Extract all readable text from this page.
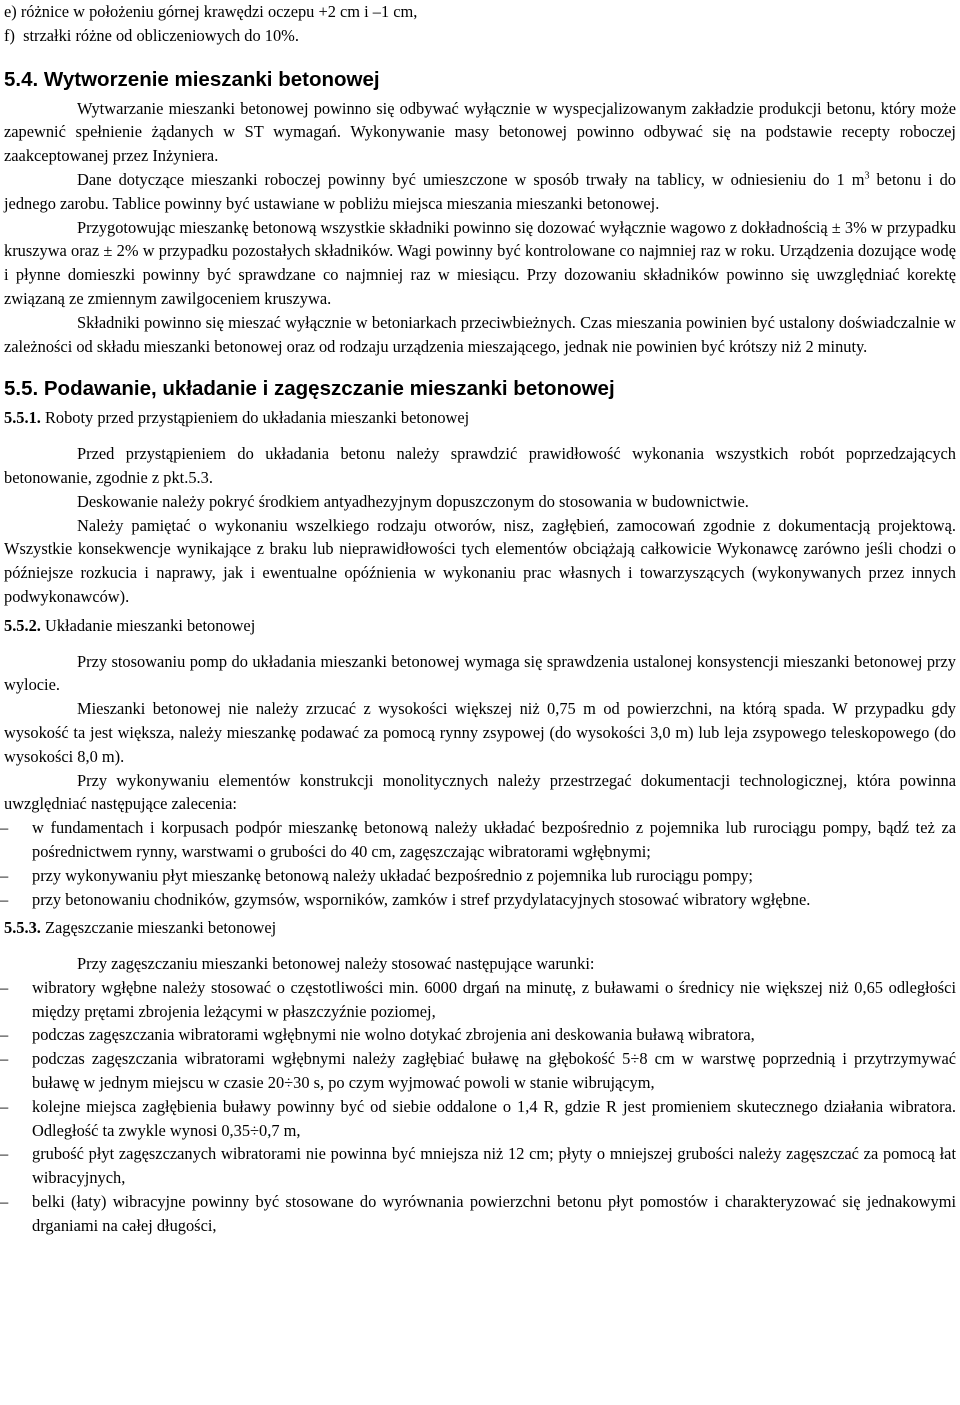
e) różnice w położeniu górnej krawędzi oczepu +2 cm i –1 cm,
f)  strzałki różne od obliczeniowych do 10%.
5.4. Wytworzenie mieszanki betonowej

Wytwarzanie mieszanki betonowej powinno się odbywać wyłącznie w wyspecjalizowanym zakładzie produkcji betonu, który może zapewnić spełnienie żądanych w ST wymagań. Wykonywanie masy betonowej powinno odbywać się na podstawie recepty roboczej zaakceptowanej przez Inżyniera.

Dane dotyczące mieszanki roboczej powinny być umieszczone w sposób trwały na tablicy, w odniesieniu do 1 $m^3$ betonu i do jednego zarobu. Tablice powinny być ustawiane w pobliżu miejsca mieszania mieszanki betonowej.

Przygotowując mieszankę betonową wszystkie składniki powinno się dozować wyłącznie wagowo z dokładnością ± 3% w przypadku kruszywa oraz ± 2% w przypadku pozostałych składników. Wagi powinny być kontrolowane co najmniej raz w roku. Urządzenia dozujące wodę i płynne domieszki powinny być sprawdzane co najmniej raz w miesiącu. Przy dozowaniu składników powinno się uwzględniać korektę związaną ze zmiennym zawilgoceniem kruszywa.

Składniki powinno się mieszać wyłącznie w betoniarkach przeciwbieżnych. Czas mieszania powinien być ustalony doświadczalnie w zależności od składu mieszanki betonowej oraz od rodzaju urządzenia mieszającego, jednak nie powinien być krótszy niż 2 minuty.

5.5. Podawanie, układanie i zagęszczanie mieszanki betonowej
5.5.1. Roboty przed przystąpieniem do układania mieszanki betonowej

Przed przystąpieniem do układania betonu należy sprawdzić prawidłowość wykonania wszystkich robót poprzedzających betonowanie, zgodnie z pkt.5.3.

Deskowanie należy pokryć środkiem antyadhezyjnym dopuszczonym do stosowania w budownictwie.

Należy pamiętać o wykonaniu wszelkiego rodzaju otworów, nisz, zagłębień, zamocowań zgodnie z dokumentacją projektową. Wszystkie konsekwencje wynikające z braku lub nieprawidłowości tych elementów obciążają całkowicie Wykonawcę zarówno jeśli chodzi o późniejsze rozkucia i naprawy, jak i ewentualne opóźnienia w wykonaniu prac własnych i towarzyszących (wykonywanych przez innych podwykonawców).

5.5.2. Układanie mieszanki betonowej

Przy stosowaniu pomp do układania mieszanki betonowej wymaga się sprawdzenia ustalonej konsystencji mieszanki betonowej przy wylocie.

Mieszanki betonowej nie należy zrzucać z wysokości większej niż 0,75 m od powierzchni, na którą spada. W przypadku gdy wysokość ta jest większa, należy mieszankę podawać za pomocą rynny zsypowej (do wysokości 3,0 m) lub leja zsypowego teleskopowego (do wysokości 8,0 m).

Przy wykonywaniu elementów konstrukcji monolitycznych należy przestrzegać dokumentacji technologicznej, która powinna uwzględniać następujące zalecenia:

–	w fundamentach i korpusach podpór mieszankę betonową należy układać bezpośrednio z pojemnika lub rurociągu pompy, bądź też za pośrednictwem rynny, warstwami o grubości do 40 cm, zagęszczając wibratorami wgłębnymi;
–	przy wykonywaniu płyt mieszankę betonową należy układać bezpośrednio z pojemnika lub rurociągu pompy;
–	przy betonowaniu chodników, gzymsów, wsporników, zamków i stref przydylatacyjnych stosować wibratory wgłębne.
5.5.3. Zagęszczanie mieszanki betonowej

Przy zagęszczaniu mieszanki betonowej należy stosować następujące warunki:

–	wibratory wgłębne należy stosować o częstotliwości min. 6000 drgań na minutę, z buławami o średnicy nie większej niż 0,65 odległości między prętami zbrojenia leżącymi w płaszczyźnie poziomej,
–	podczas zagęszczania wibratorami wgłębnymi nie wolno dotykać zbrojenia ani deskowania buławą wibratora,
–	podczas zagęszczania wibratorami wgłębnymi należy zagłębiać buławę na głębokość 5÷8 cm w warstwę poprzednią i przytrzymywać buławę w jednym miejscu w czasie 20÷30 s, po czym wyjmować powoli w stanie wibrującym,
–	kolejne miejsca zagłębienia buławy powinny być od siebie oddalone o 1,4 R, gdzie R jest promieniem skutecznego działania wibratora. Odległość ta zwykle wynosi 0,35÷0,7 m,
–	grubość płyt zagęszczanych wibratorami nie powinna być mniejsza niż 12 cm; płyty o mniejszej grubości należy zagęszczać za pomocą łat wibracyjnych,
–	belki (łaty) wibracyjne powinny być stosowane do wyrównania powierzchni betonu płyt pomostów i charakteryzować się jednakowymi drganiami na całej długości,
